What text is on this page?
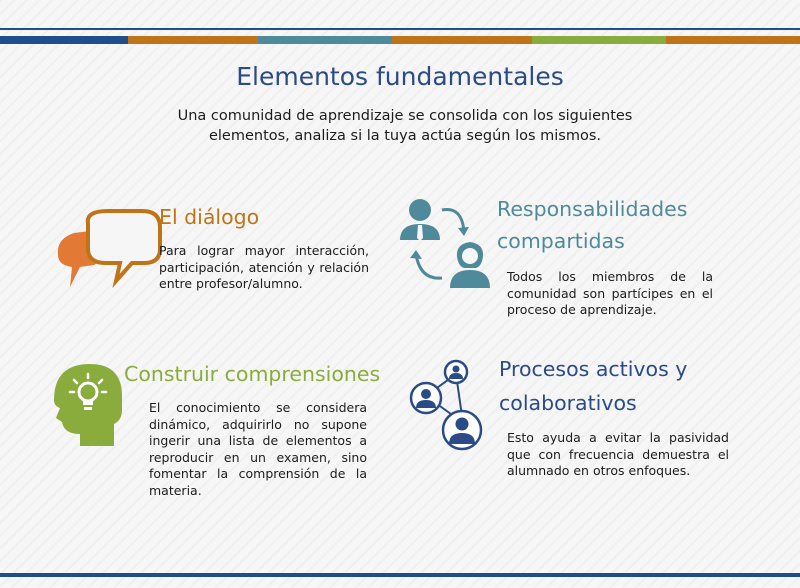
Elementos fundamentales
Una comunidad de aprendizaje se consolida con los siguientes elementos, analiza si la tuya actúa según los mismos.
El diálogo
Para lograr mayor interacción, participación, atención y relación entre profesor/alumno.
Responsabilidades
compartidas
Todos los miembros de la comunidad son partícipes en el proceso de aprendizaje.
Construir comprensiones
El conocimiento se considera dinámico, adquirirlo no supone ingerir una lista de elementos a reproducir en un examen, sino fomentar la comprensión de la materia.
Procesos activos y
colaborativos
Esto ayuda a evitar la pasividad que con frecuencia demuestra el alumnado en otros enfoques.
